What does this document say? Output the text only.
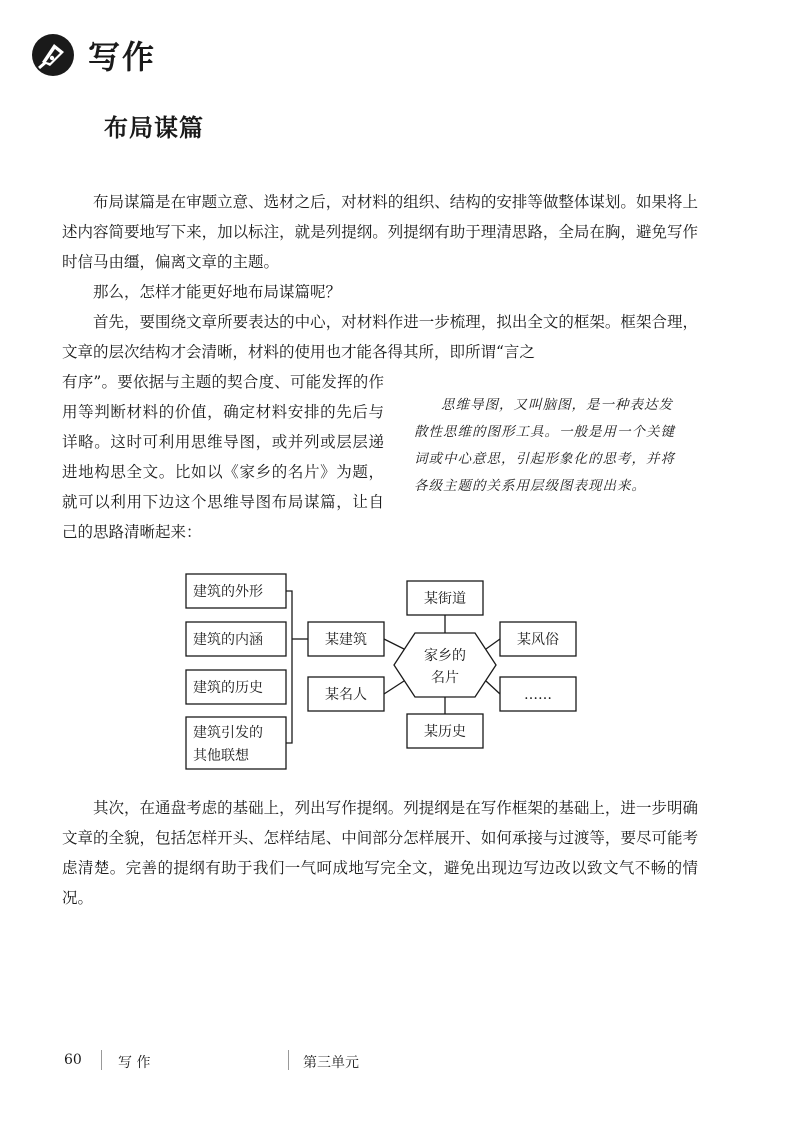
写作
布局谋篇

布局谋篇是在审题立意、选材之后，对材料的组织、结构的安排等做整体谋划。如果将上述内容简要地写下来，加以标注，就是列提纲。列提纲有助于理清思路，全局在胸，避免写作时信马由缰，偏离文章的主题。

那么，怎样才能更好地布局谋篇呢？

首先，要围绕文章所要表达的中心，对材料作进一步梳理，拟出全文的框架。框架合理，文章的层次结构才会清晰，材料的使用也才能各得其所，即所谓“言之

有序”。要依据与主题的契合度、可能发挥的作用等判断材料的价值，确定材料安排的先后与详略。这时可利用思维导图，或并列或层层递进地构思全文。比如以《家乡的名片》为题，就可以利用下边这个思维导图布局谋篇，让自己的思路清晰起来：

思维导图，又叫脑图，是一种表达发散性思维的图形工具。一般是用一个关键词或中心意思，引起形象化的思考，并将各级主题的关系用层级图表现出来。

建筑的外形
建筑的内涵
建筑的历史
建筑引发的
其他联想
某建筑
某名人
某街道
某历史
某风俗
……
家乡的
名片

其次，在通盘考虑的基础上，列出写作提纲。列提纲是在写作框架的基础上，进一步明确文章的全貌，包括怎样开头、怎样结尾、中间部分怎样展开、如何承接与过渡等，要尽可能考虑清楚。完善的提纲有助于我们一气呵成地写完全文，避免出现边写边改以致文气不畅的情况。

60	写 作	第三单元
